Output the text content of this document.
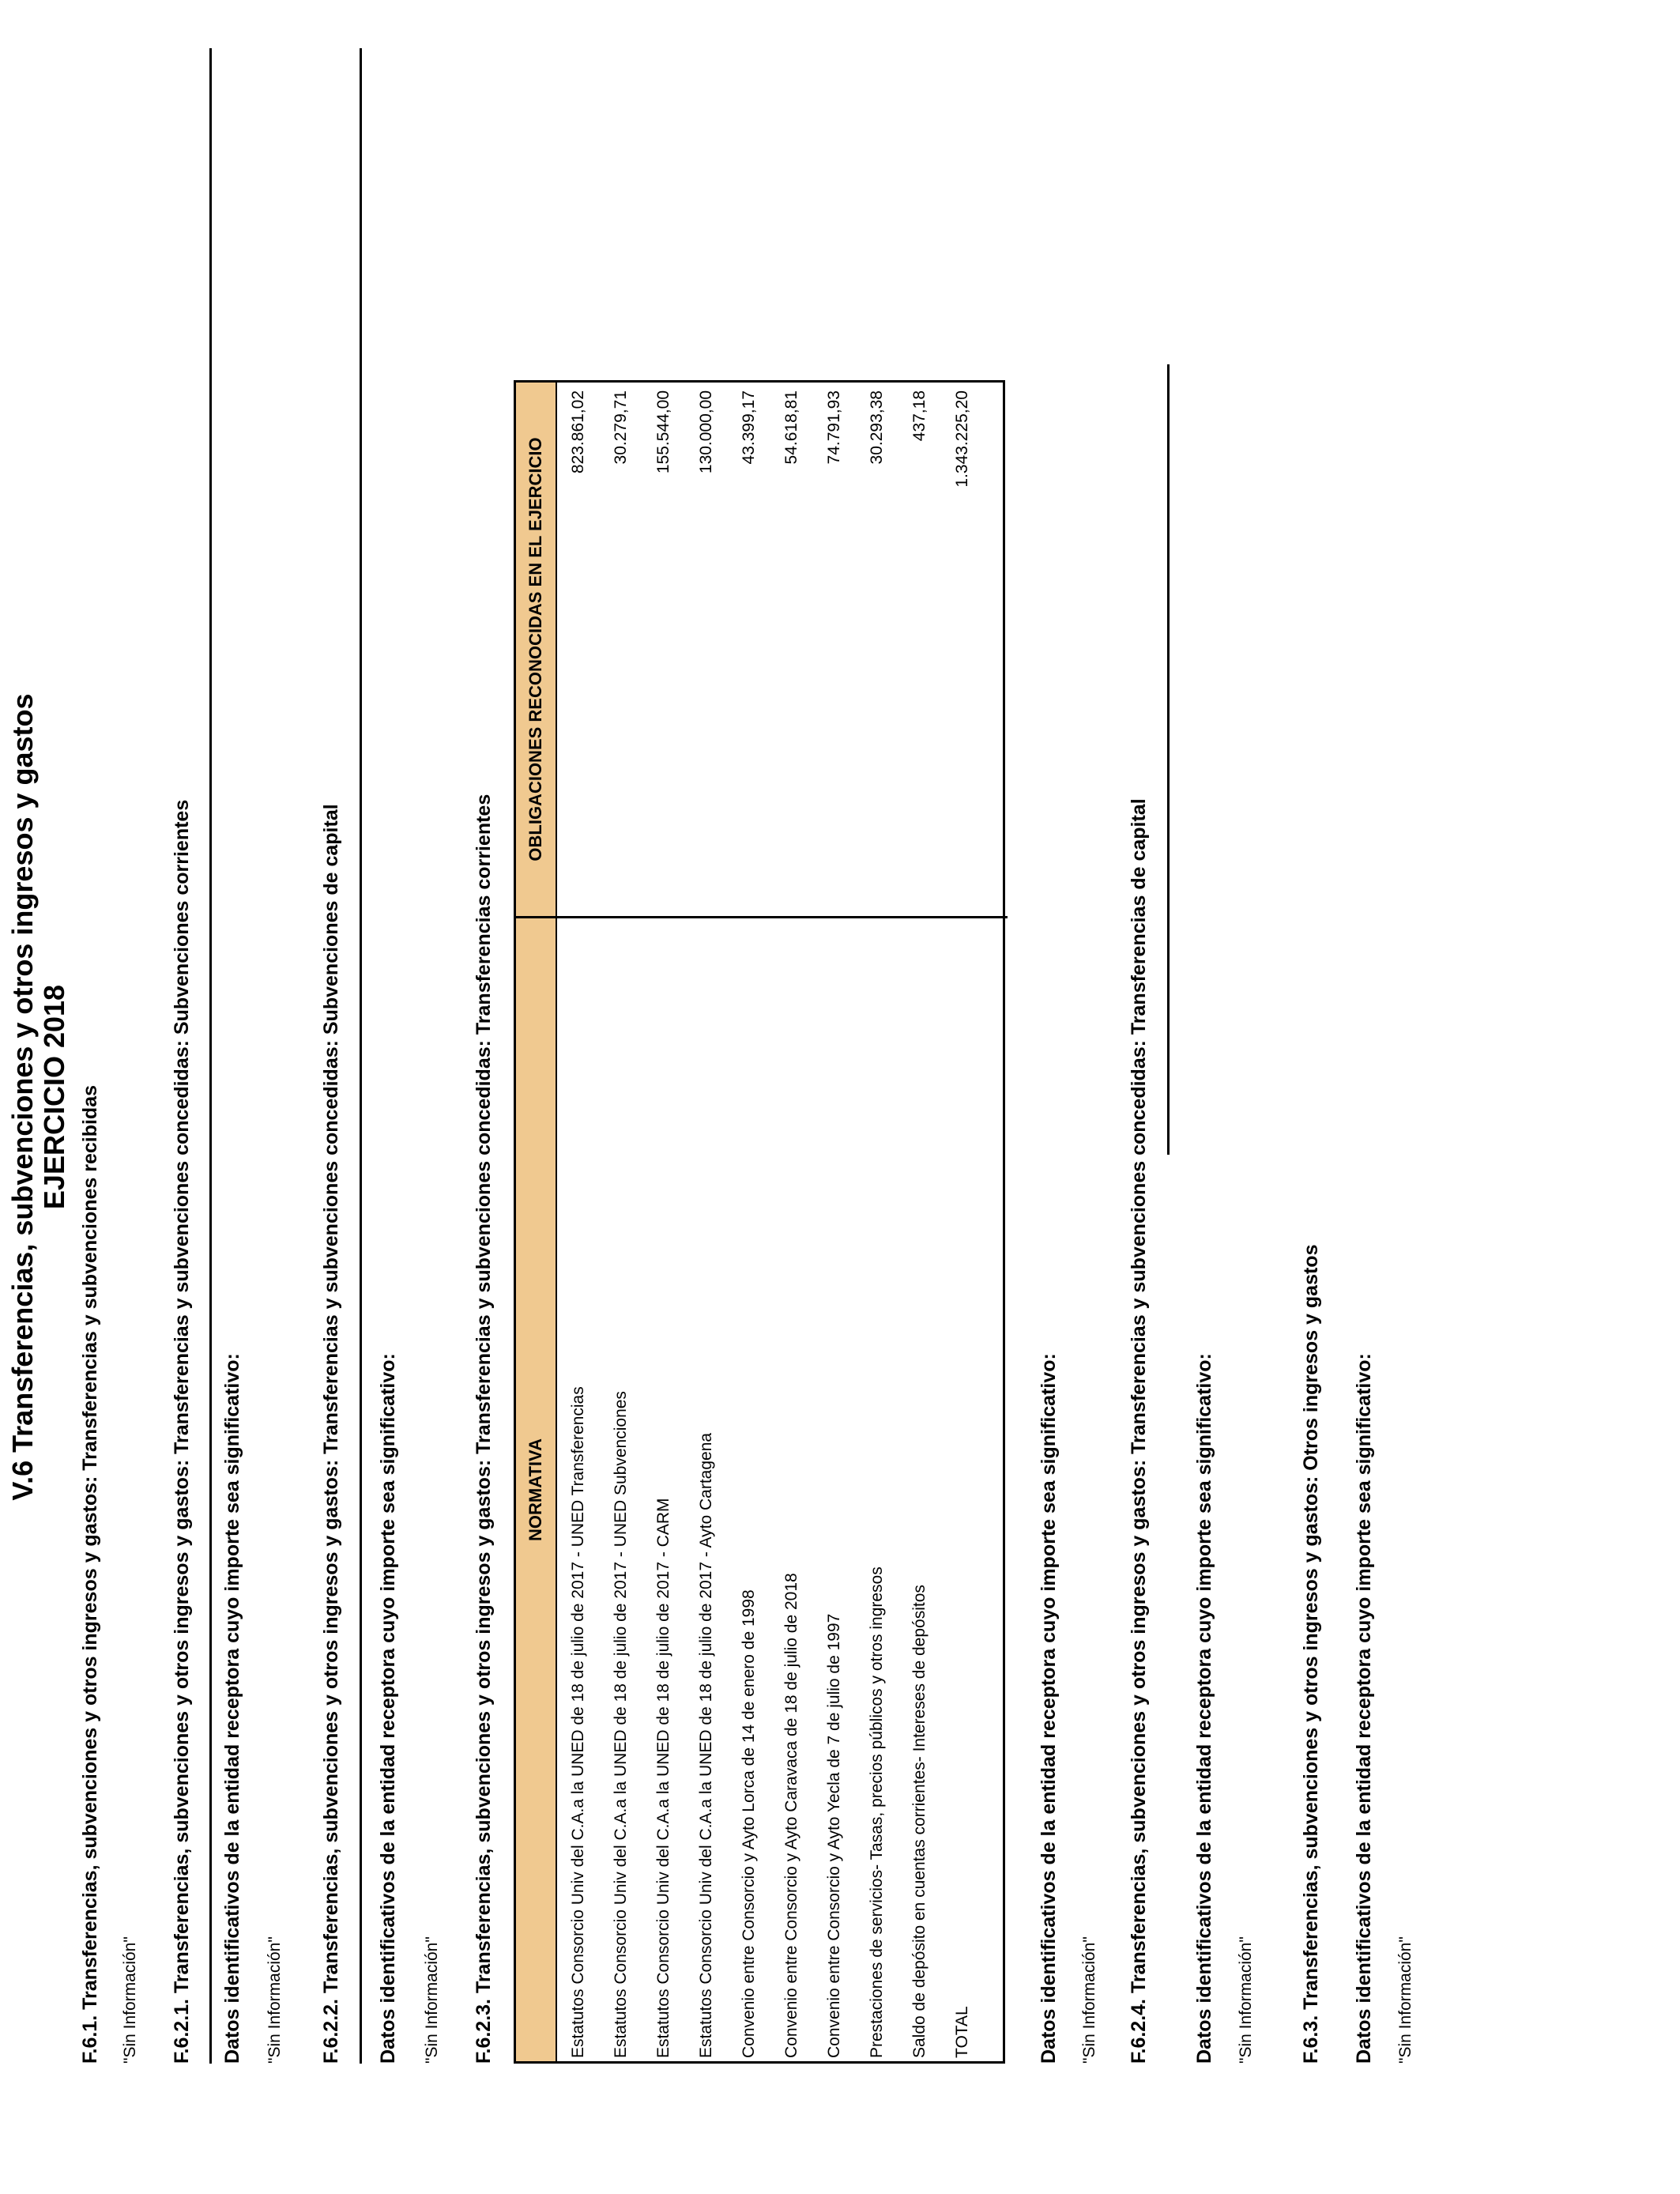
V.6 Transferencias, subvenciones y otros ingresos y gastos EJERCICIO 2018 F.6.1. Transferencias, subvenciones y otros ingresos y gastos: Transferencias y subvenciones recibidas "Sin Información" F.6.2.1. Transferencias, subvenciones y otros ingresos y gastos: Transferencias y subvenciones concedidas: Subvenciones corrientes Datos identificativos de la entidad receptora cuyo importe sea significativo: "Sin Información" F.6.2.2. Transferencias, subvenciones y otros ingresos y gastos: Transferencias y subvenciones concedidas: Subvenciones de capital Datos identificativos de la entidad receptora cuyo importe sea significativo: "Sin Información" F.6.2.3. Transferencias, subvenciones y otros ingresos y gastos: Transferencias y subvenciones concedidas: Transferencias corrientes	NORMATIVA
OBLIGACIONES RECONOCIDAS EN EL EJERCICIO
Estatutos Consorcio Univ del C.A.a la UNED de 18 de julio de 2017 - UNED Transferencias
823.861,02
Estatutos Consorcio Univ del C.A.a la UNED de 18 de julio de 2017 - UNED Subvenciones
30.279,71
Estatutos Consorcio Univ del C.A.a la UNED de 18 de julio de 2017 - CARM
155.544,00
Estatutos Consorcio Univ del C.A.a la UNED de 18 de julio de 2017 - Ayto Cartagena
130.000,00
Convenio entre Consorcio y Ayto Lorca de 14 de enero de 1998
43.399,17
Convenio entre Consorcio y Ayto Caravaca de 18 de julio de 2018
54.618,81
Convenio entre Consorcio y Ayto Yecla de 7 de julio de 1997
74.791,93
Prestaciones de servicios- Tasas, precios públicos y otros ingresos
30.293,38
Saldo de depósito en cuentas corrientes- Intereses de depósitos
437,18
TOTAL
1.343.225,20
Datos identificativos de la entidad receptora cuyo importe sea significativo: "Sin Información" F.6.2.4. Transferencias, subvenciones y otros ingresos y gastos: Transferencias y subvenciones concedidas: Transferencias de capital Datos identificativos de la entidad receptora cuyo importe sea significativo: "Sin Información" F.6.3. Transferencias, subvenciones y otros ingresos y gastos: Otros ingresos y gastos Datos identificativos de la entidad receptora cuyo importe sea significativo: "Sin Información"
